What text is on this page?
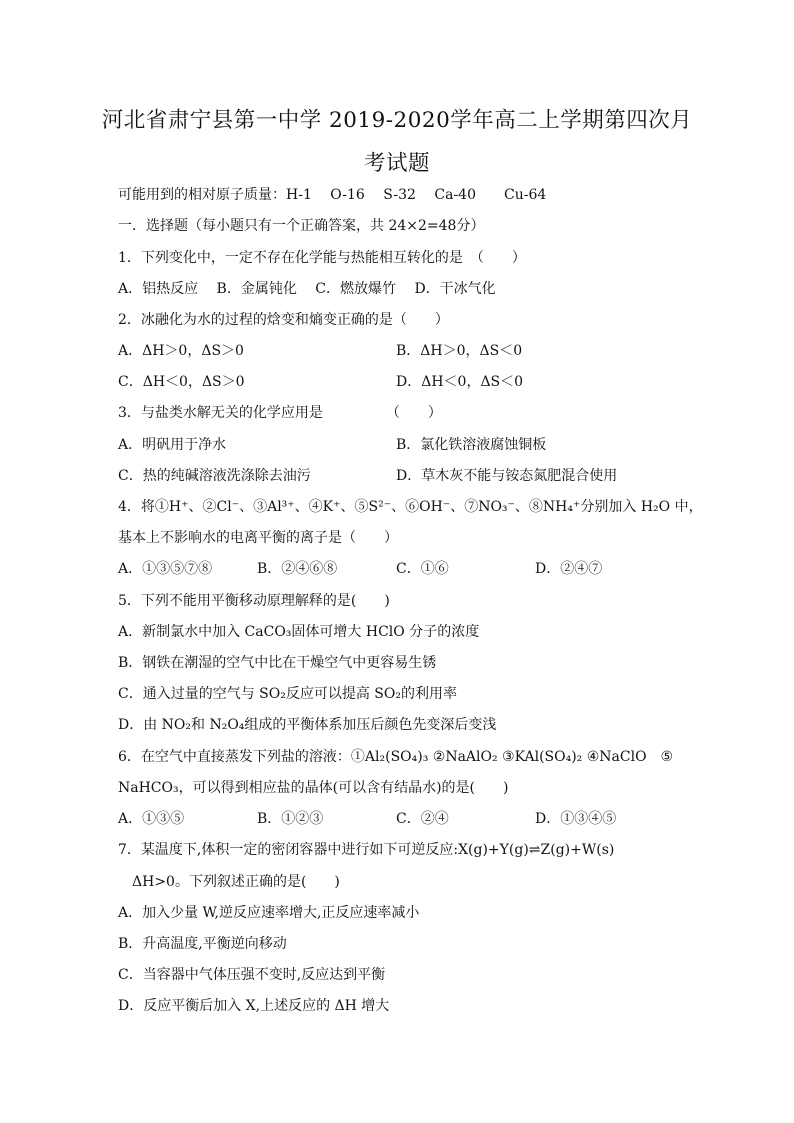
河北省肃宁县第一中学 2019-2020学年高二上学期第四次月
考试题
可能用到的相对原子质量：H-1　 O-16　 S-32　 Ca-40　　Cu-64
一．选择题（每小题只有一个正确答案，共 24×2=48分）
1．下列变化中，一定不存在化学能与热能相互转化的是　（　　）
A．铝热反应　 B．金属钝化　 C．燃放爆竹　 D．干冰气化
2．冰融化为水的过程的焓变和熵变正确的是（　　）
A．ΔH＞0，ΔS＞0	B．ΔH＞0，ΔS＜0
C．ΔH＜0，ΔS＞0	D．ΔH＜0，ΔS＜0
3．与盐类水解无关的化学应用是　　　　　（　　）
A．明矾用于净水	B．氯化铁溶液腐蚀铜板
C．热的纯碱溶液洗涤除去油污	D．草木灰不能与铵态氮肥混合使用
4．将①H⁺、②Cl⁻、③Al³⁺、④K⁺、⑤S²⁻、⑥OH⁻、⑦NO₃⁻、⑧NH₄⁺分别加入 H₂O 中，
基本上不影响水的电离平衡的离子是（　　）
A．①③⑤⑦⑧	B．②④⑥⑧	C．①⑥	D．②④⑦
5．下列不能用平衡移动原理解释的是(　　)
A．新制氯水中加入 CaCO₃固体可增大 HClO 分子的浓度
B．钢铁在潮湿的空气中比在干燥空气中更容易生锈
C．通入过量的空气与 SO₂反应可以提高 SO₂的利用率
D．由 NO₂和 N₂O₄组成的平衡体系加压后颜色先变深后变浅
6．在空气中直接蒸发下列盐的溶液：①Al₂(SO₄)₃ ②NaAlO₂ ③KAl(SO₄)₂ ④NaClO　⑤
NaHCO₃，可以得到相应盐的晶体(可以含有结晶水)的是(　　)
A．①③⑤	B．①②③	C．②④	D．①③④⑤
7．某温度下,体积一定的密闭容器中进行如下可逆反应:X(g)+Y(g)⇌Z(g)+W(s)
ΔH>0。下列叙述正确的是(　　)
A．加入少量 W,逆反应速率增大,正反应速率减小
B．升高温度,平衡逆向移动
C．当容器中气体压强不变时,反应达到平衡
D．反应平衡后加入 X,上述反应的 ΔH 增大
